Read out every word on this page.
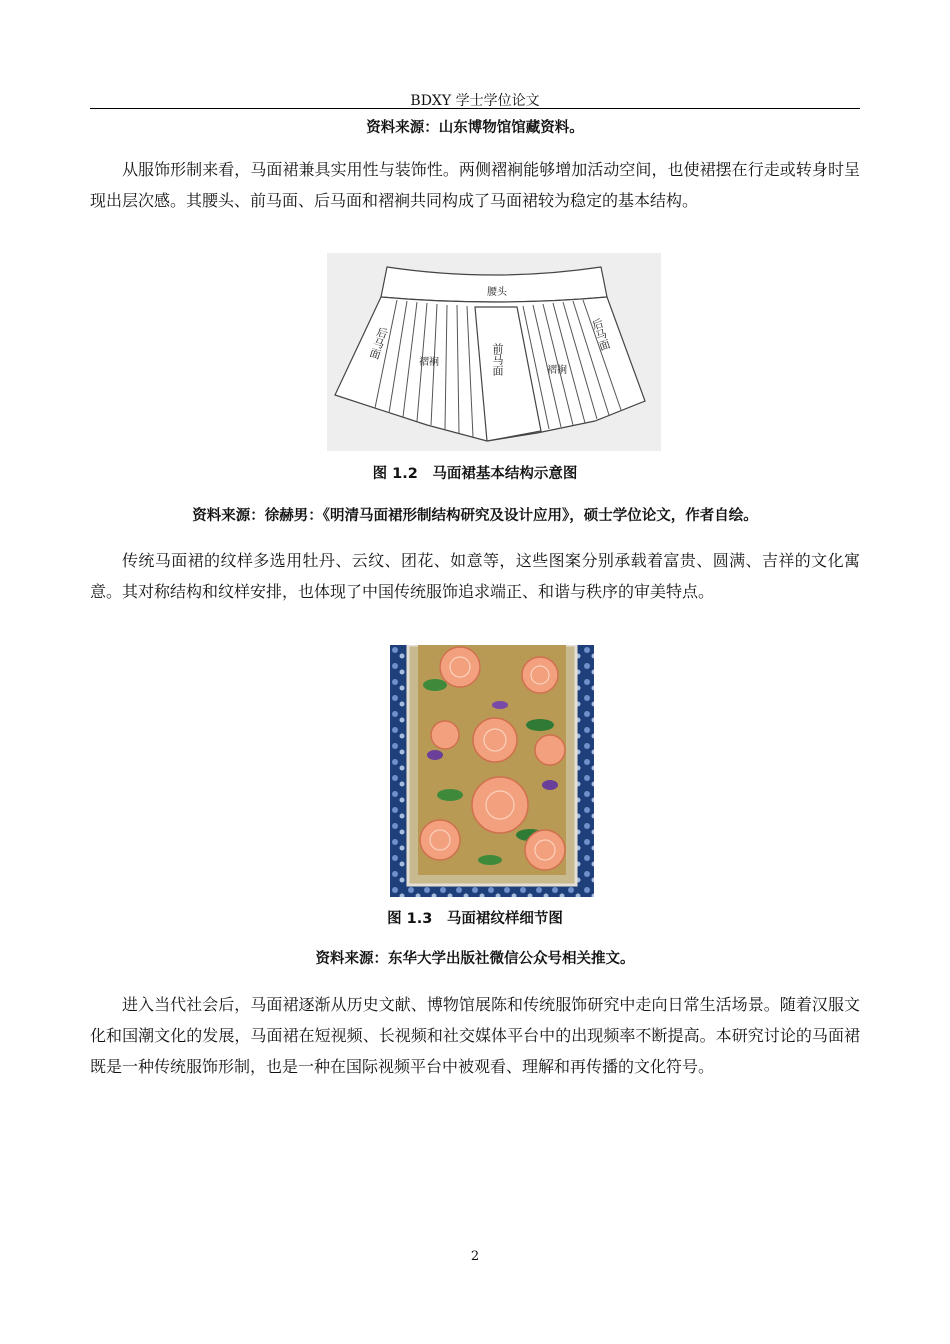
BDXY 学士学位论文
资料来源：山东博物馆馆藏资料。

从服饰形制来看，马面裙兼具实用性与装饰性。两侧褶裥能够增加活动空间，也使裙摆在行走或转身时呈现出层次感。其腰头、前马面、后马面和褶裥共同构成了马面裙较为稳定的基本结构。

腰头
褶裥
褶裥
后马面	后马面
前马面
图 1.2　马面裙基本结构示意图
资料来源：徐赫男：《明清马面裙形制结构研究及设计应用》，硕士学位论文，作者自绘。

传统马面裙的纹样多选用牡丹、云纹、团花、如意等，这些图案分别承载着富贵、圆满、吉祥的文化寓意。其对称结构和纹样安排，也体现了中国传统服饰追求端正、和谐与秩序的审美特点。

图 1.3　马面裙纹样细节图
资料来源：东华大学出版社微信公众号相关推文。

进入当代社会后，马面裙逐渐从历史文献、博物馆展陈和传统服饰研究中走向日常生活场景。随着汉服文化和国潮文化的发展，马面裙在短视频、长视频和社交媒体平台中的出现频率不断提高。本研究讨论的马面裙既是一种传统服饰形制，也是一种在国际视频平台中被观看、理解和再传播的文化符号。

2
